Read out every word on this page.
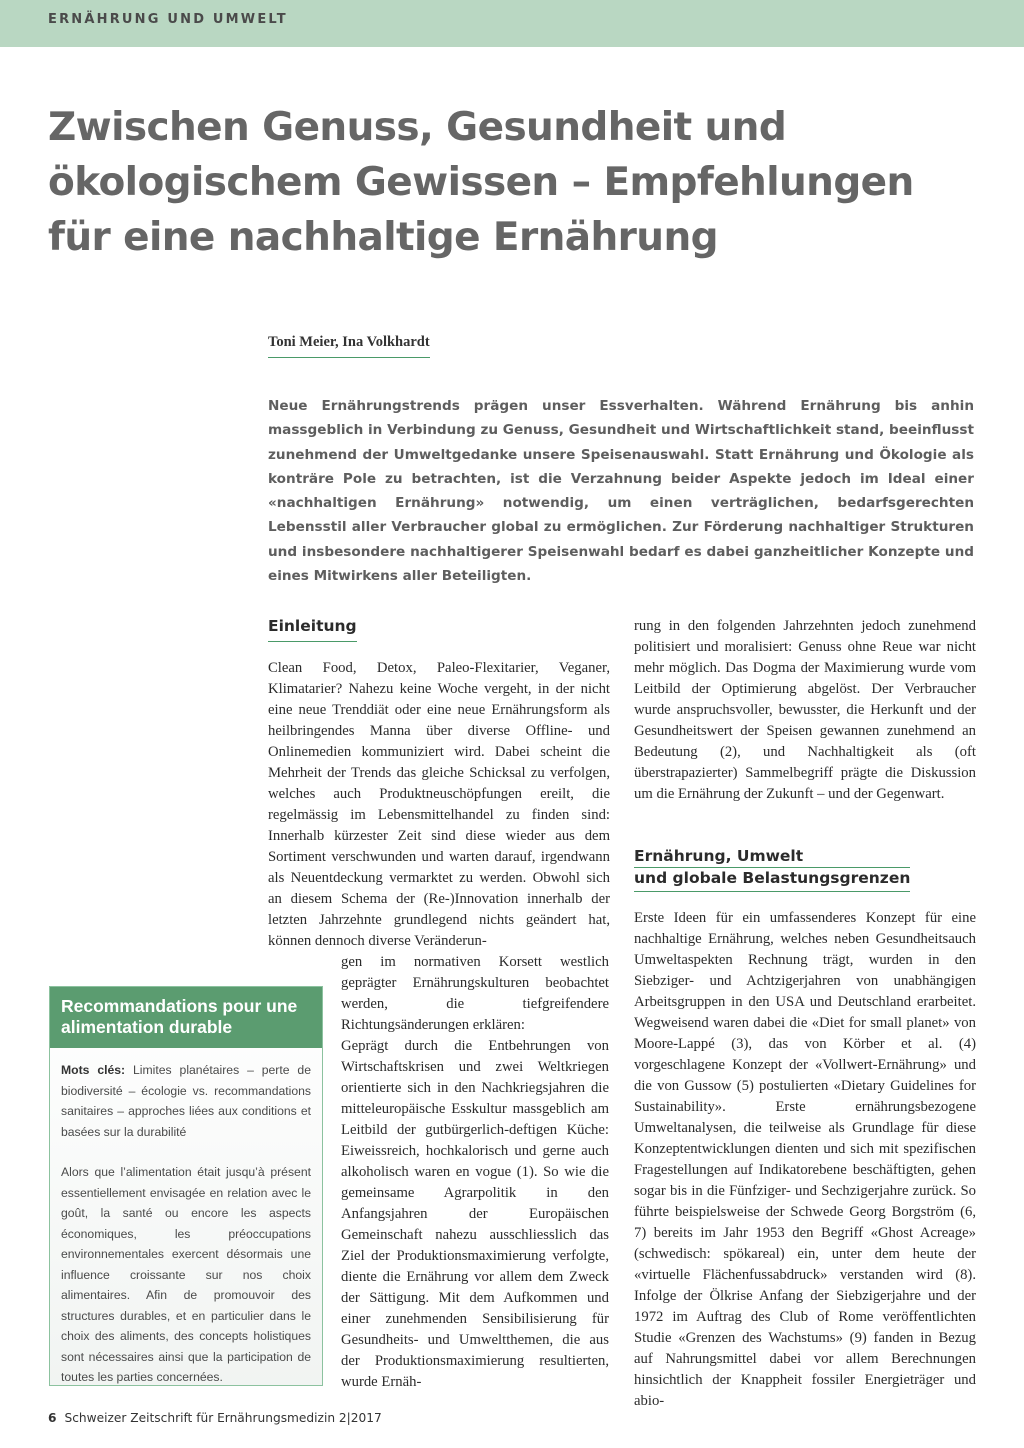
ERNÄHRUNG UND UMWELT
Zwischen Genuss, Gesundheit und ökologischem Gewissen – Empfehlungen für eine nachhaltige Ernährung
Toni Meier, Ina Volkhardt

Neue Ernährungstrends prägen unser Essverhalten. Während Ernährung bis anhin massgeblich in Verbindung zu Genuss, Gesundheit und Wirtschaftlichkeit stand, beeinflusst zunehmend der Umweltgedanke unsere Speisenauswahl. Statt Ernährung und Ökologie als konträre Pole zu betrachten, ist die Verzahnung beider Aspekte jedoch im Ideal einer «nachhaltigen Ernährung» notwendig, um einen verträglichen, bedarfsgerechten Lebensstil aller Verbraucher global zu ermöglichen. Zur Förderung nachhaltiger Strukturen und insbesondere nachhaltigerer Speisenwahl bedarf es dabei ganzheitlicher Konzepte und eines Mitwirkens aller Beteiligten.

Einleitung

Clean Food, Detox, Paleo-Flexitarier, Veganer, Klimatarier? Nahezu keine Woche vergeht, in der nicht eine neue Trenddiät oder eine neue Ernährungsform als heilbringendes Manna über diverse Offline- und Onlinemedien kommuniziert wird. Dabei scheint die Mehrheit der Trends das gleiche Schicksal zu verfolgen, welches auch Produktneuschöpfungen ereilt, die regelmässig im Lebensmittelhandel zu finden sind: Innerhalb kürzester Zeit sind diese wieder aus dem Sortiment verschwunden und warten darauf, irgendwann als Neuentdeckung vermarktet zu werden. Obwohl sich an diesem Schema der (Re-)Innovation innerhalb der letzten Jahrzehnte grundlegend nichts geändert hat, können dennoch diverse Veränderun-

gen im normativen Korsett westlich geprägter Ernährungskulturen beobachtet werden, die tiefgreifendere Richtungsänderungen erklären:

Geprägt durch die Entbehrungen von Wirtschaftskrisen und zwei Weltkriegen orientierte sich in den Nachkriegsjahren die mitteleuropäische Esskultur massgeblich am Leitbild der gutbürgerlich-deftigen Küche: Eiweissreich, hochkalorisch und gerne auch alkoholisch waren en vogue (1). So wie die gemeinsame Agrarpolitik in den Anfangsjahren der Europäischen Gemeinschaft nahezu ausschliesslich das Ziel der Produktionsmaximierung verfolgte, diente die Ernährung vor allem dem Zweck der Sättigung. Mit dem Aufkommen und einer zunehmenden Sensibilisierung für Gesundheits- und Umweltthemen, die aus der Produktionsmaximierung resultierten, wurde Ernäh-

rung in den folgenden Jahrzehnten jedoch zunehmend politisiert und moralisiert: Genuss ohne Reue war nicht mehr möglich. Das Dogma der Maximierung wurde vom Leitbild der Optimierung abgelöst. Der Verbraucher wurde anspruchsvoller, bewusster, die Herkunft und der Gesundheitswert der Speisen gewannen zunehmend an Bedeutung (2), und Nachhaltigkeit als (oft überstrapazierter) Sammelbegriff prägte die Diskussion um die Ernährung der Zukunft – und der Gegenwart.

Ernährung, Umwelt
und globale Belastungsgrenzen

Erste Ideen für ein umfassenderes Konzept für eine nachhaltige Ernährung, welches neben Gesundheitsauch Umweltaspekten Rechnung trägt, wurden in den Siebziger- und Achtzigerjahren von unabhängigen Arbeitsgruppen in den USA und Deutschland erarbeitet. Wegweisend waren dabei die «Diet for small planet» von Moore-Lappé (3), das von Körber et al. (4) vorgeschlagene Konzept der «Vollwert-Ernährung» und die von Gussow (5) postulierten «Dietary Guidelines for Sustainability». Erste ernährungsbezogene Umweltanalysen, die teilweise als Grundlage für diese Konzeptentwicklungen dienten und sich mit spezifischen Fragestellungen auf Indikatorebene beschäftigten, gehen sogar bis in die Fünfziger- und Sechzigerjahre zurück. So führte beispielsweise der Schwede Georg Borgström (6, 7) bereits im Jahr 1953 den Begriff «Ghost Acreage» (schwedisch: spökareal) ein, unter dem heute der «virtuelle Flächenfussabdruck» verstanden wird (8). Infolge der Ölkrise Anfang der Siebzigerjahre und der 1972 im Auftrag des Club of Rome veröffentlichten Studie «Grenzen des Wachstums» (9) fanden in Bezug auf Nahrungsmittel dabei vor allem Berechnungen hinsichtlich der Knappheit fossiler Energieträger und abio-

Recommandations pour une alimentation durable

Mots clés: Limites planétaires – perte de biodiversité – écologie vs. recommandations sanitaires – approches liées aux conditions et basées sur la durabilité

Alors que l’alimentation était jusqu’à présent essentiellement envisagée en relation avec le goût, la santé ou encore les aspects économiques, les préoccupations environnementales exercent désormais une influence croissante sur nos choix alimentaires. Afin de promouvoir des structures durables, et en particulier dans le choix des aliments, des concepts holistiques sont nécessaires ainsi que la participation de toutes les parties concernées.

6 Schweizer Zeitschrift für Ernährungsmedizin 2|2017
